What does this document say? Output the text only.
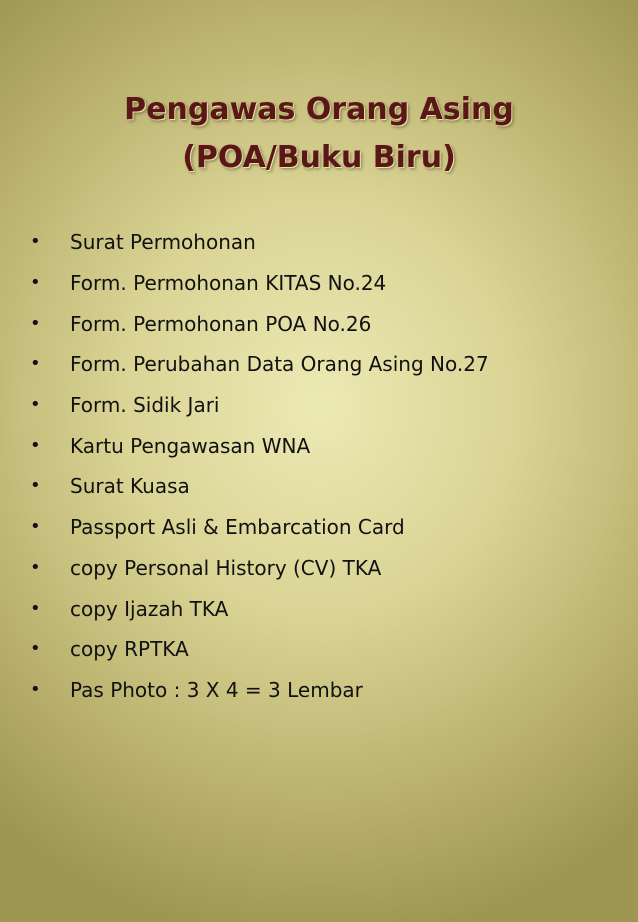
Pengawas Orang Asing
(POA/Buku Biru)
•	Surat Permohonan
•	Form. Permohonan KITAS No.24
•	Form. Permohonan POA No.26
•	Form. Perubahan Data Orang Asing No.27
•	Form. Sidik Jari
•	Kartu Pengawasan WNA
•	Surat Kuasa
•	Passport Asli & Embarcation Card
•	copy Personal History (CV) TKA
•	copy Ijazah TKA
•	copy RPTKA
•	Pas Photo : 3 X 4 = 3 Lembar
